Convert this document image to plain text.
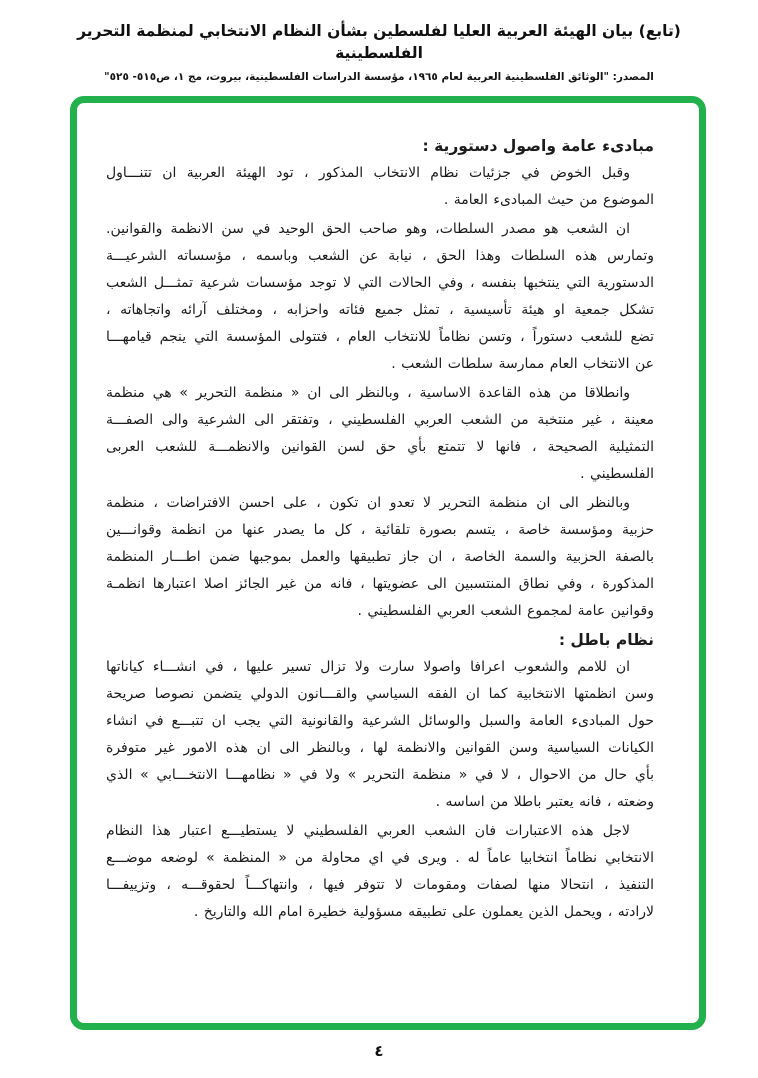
(تابع) بيان الهيئة العربية العليا لفلسطين بشأن النظام الانتخابي لمنظمة التحرير الفلسطينية
المصدر: "الوثائق الفلسطينية العربية لعام ١٩٦٥، مؤسسة الدراسات الفلسطينية، بيروت، مج ١، ص٥١٥- ٥٢٥"
مبادىء عامة واصول دستورية :
وقبل الخوض في جزئيات نظام الانتخاب المذكور ، تود الهيئة العربية ان تتنـــاول
الموضوع من حيث المبادىء العامة .
ان الشعب هو مصدر السلطات، وهو صاحب الحق الوحيد في سن الانظمة والقوانين.
وتمارس هذه السلطات وهذا الحق ، نيابة عن الشعب وباسمه ، مؤسساته الشرعيـــة
الدستورية التي ينتخبها بنفسه ، وفي الحالات التي لا توجد مؤسسات شرعية تمثـــل الشعب
تشكل جمعية او هيئة تأسيسية ، تمثل جميع فئاته واحزابه ، ومختلف آرائه واتجاهاته ،
تضع للشعب دستوراً ، وتسن نظاماً للانتخاب العام ، فتتولى المؤسسة التي ينجم قيامهـــا
عن الانتخاب العام ممارسة سلطات الشعب .
وانطلاقا من هذه القاعدة الاساسية ، وبالنظر الى ان « منظمة التحرير » هي منظمة
معينة ، غير منتخبة من الشعب العربي الفلسطيني ، وتفتقر الى الشرعية والى الصفـــة
التمثيلية الصحيحة ، فانها لا تتمتع بأي حق لسن القوانين والانظمـــة للشعب العربى
الفلسطيني .
وبالنظر الى ان منظمة التحرير لا تعدو ان تكون ، على احسن الافتراضات ، منظمة
حزبية ومؤسسة خاصة ، يتسم بصورة تلقائية ، كل ما يصدر عنها من انظمة وقوانـــين
بالصفة الحزبية والسمة الخاصة ، ان جاز تطبيقها والعمل بموجبها ضمن اطـــار المنظمة
المذكورة ، وفي نطاق المنتسبين الى عضويتها ، فانه من غير الجائز اصلا اعتبارها انظمـة
وقوانين عامة لمجموع الشعب العربي الفلسطيني .
نظام باطل :
ان للامم والشعوب اعرافا واصولا سارت ولا تزال تسير عليها ، في انشـــاء كياناتها
وسن انظمتها الانتخابية كما ان الفقه السياسي والقـــانون الدولي يتضمن نصوصا صريحة
حول المبادىء العامة والسبل والوسائل الشرعية والقانونية التي يجب ان تتبـــع في انشاء
الكيانات السياسية وسن القوانين والانظمة لها ، وبالنظر الى ان هذه الامور غير متوفرة
بأي حال من الاحوال ، لا في « منظمة التحرير » ولا في « نظامهـــا الانتخـــابي » الذي
وضعته ، فانه يعتبر باطلا من اساسه .
لاجل هذه الاعتبارات فان الشعب العربي الفلسطيني لا يستطيـــع اعتبار هذا النظام
الانتخابي نظاماً انتخابيا عاماً له . ويرى في اي محاولة من « المنظمة » لوضعه موضـــع
التنفيذ ، انتحالا منها لصفات ومقومات لا تتوفر فيها ، وانتهاكـــاً لحقوقـــه ، وتزييفـــا
لارادته ، ويحمل الذين يعملون على تطبيقه مسؤولية خطيرة امام الله والتاريخ .
٤
